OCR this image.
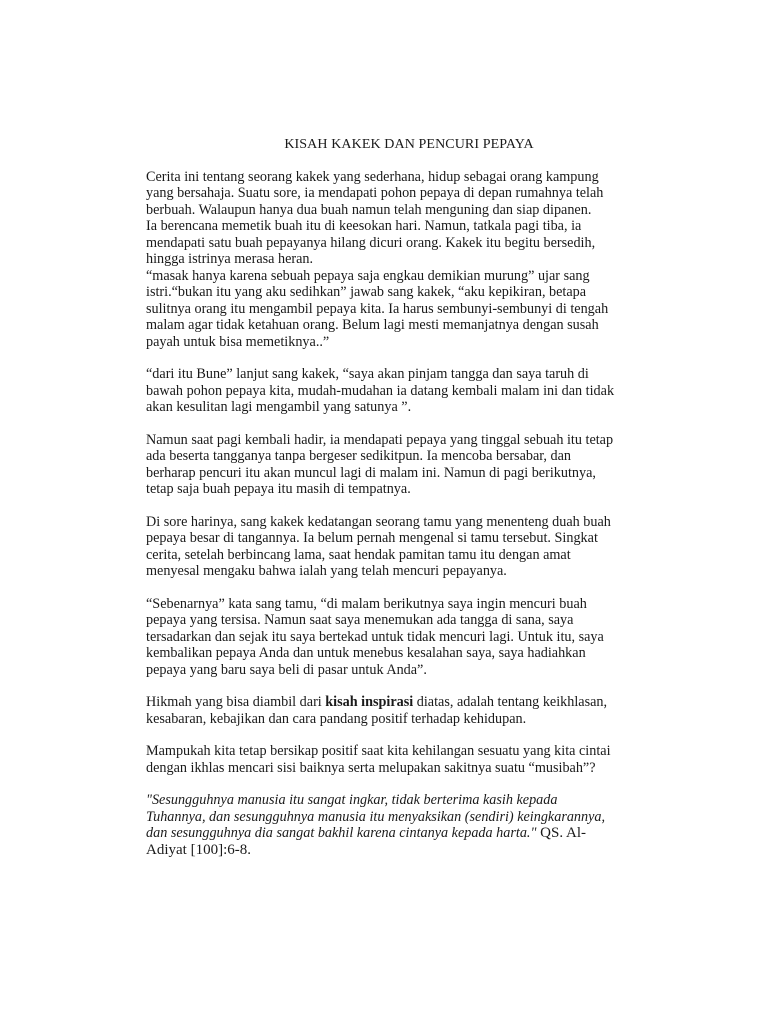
KISAH KAKEK DAN PENCURI PEPAYA
Cerita ini tentang seorang kakek yang sederhana, hidup sebagai orang kampung
yang bersahaja. Suatu sore, ia mendapati pohon pepaya di depan rumahnya telah
berbuah. Walaupun hanya dua buah namun telah menguning dan siap dipanen.
Ia berencana memetik buah itu di keesokan hari. Namun, tatkala pagi tiba, ia
mendapati satu buah pepayanya hilang dicuri orang. Kakek itu begitu bersedih,
hingga istrinya merasa heran.
“masak hanya karena sebuah pepaya saja engkau demikian murung” ujar sang
istri.“bukan itu yang aku sedihkan” jawab sang kakek, “aku kepikiran, betapa
sulitnya orang itu mengambil pepaya kita. Ia harus sembunyi-sembunyi di tengah
malam agar tidak ketahuan orang. Belum lagi mesti memanjatnya dengan susah
payah untuk bisa memetiknya..”
“dari itu Bune” lanjut sang kakek, “saya akan pinjam tangga dan saya taruh di
bawah pohon pepaya kita, mudah-mudahan ia datang kembali malam ini dan tidak
akan kesulitan lagi mengambil yang satunya ”.
Namun saat pagi kembali hadir, ia mendapati pepaya yang tinggal sebuah itu tetap
ada beserta tangganya tanpa bergeser sedikitpun. Ia mencoba bersabar, dan
berharap pencuri itu akan muncul lagi di malam ini. Namun di pagi berikutnya,
tetap saja buah pepaya itu masih di tempatnya.
Di sore harinya, sang kakek kedatangan seorang tamu yang menenteng duah buah
pepaya besar di tangannya. Ia belum pernah mengenal si tamu tersebut. Singkat
cerita, setelah berbincang lama, saat hendak pamitan tamu itu dengan amat
menyesal mengaku bahwa ialah yang telah mencuri pepayanya.
“Sebenarnya” kata sang tamu, “di malam berikutnya saya ingin mencuri buah
pepaya yang tersisa. Namun saat saya menemukan ada tangga di sana, saya
tersadarkan dan sejak itu saya bertekad untuk tidak mencuri lagi. Untuk itu, saya
kembalikan pepaya Anda dan untuk menebus kesalahan saya, saya hadiahkan
pepaya yang baru saya beli di pasar untuk Anda”.
Hikmah yang bisa diambil dari kisah inspirasi diatas, adalah tentang keikhlasan,
kesabaran, kebajikan dan cara pandang positif terhadap kehidupan.
Mampukah kita tetap bersikap positif saat kita kehilangan sesuatu yang kita cintai
dengan ikhlas mencari sisi baiknya serta melupakan sakitnya suatu “musibah”?
"Sesungguhnya manusia itu sangat ingkar, tidak berterima kasih kepada
Tuhannya, dan sesungguhnya manusia itu menyaksikan (sendiri) keingkarannya,
dan sesungguhnya dia sangat bakhil karena cintanya kepada harta." QS. Al-
Adiyat [100]:6-8.
